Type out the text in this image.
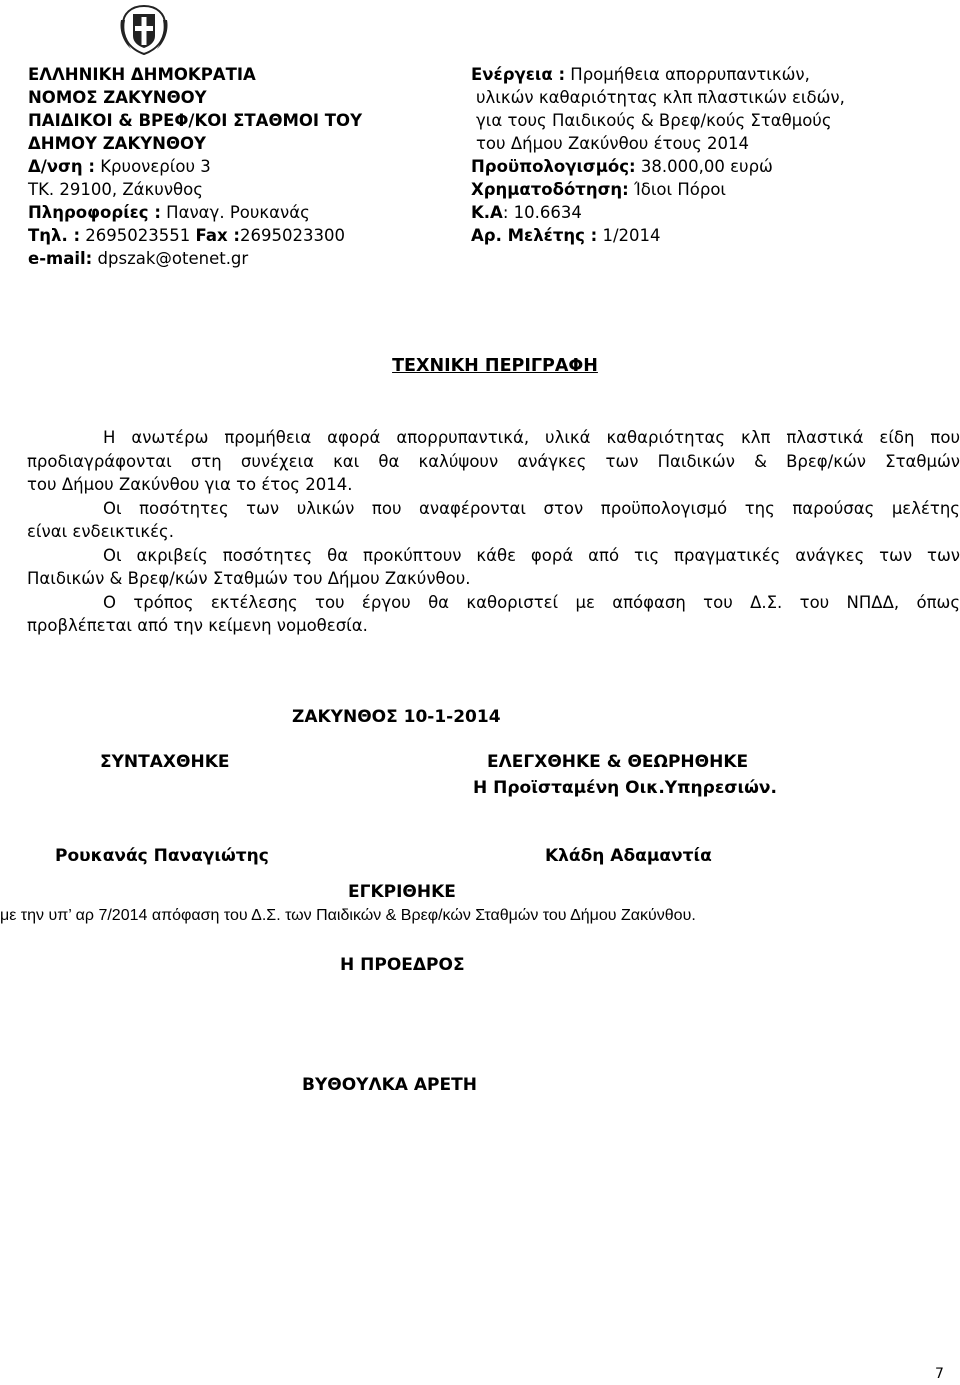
ΕΛΛΗΝΙΚΗ ΔΗΜΟΚΡΑΤΙΑ
ΝΟΜΟΣ ΖΑΚΥΝΘΟΥ
ΠΑΙΔΙΚΟΙ & ΒΡΕΦ/ΚΟΙ ΣΤΑΘΜΟΙ ΤΟΥ
ΔΗΜΟΥ ΖΑΚΥΝΘΟΥ
Δ/νση : Κρυονερίου 3
ΤΚ. 29100, Ζάκυνθος
Πληροφορίες : Παναγ. Ρουκανάς
Τηλ. : 2695023551 Fax :2695023300
e-mail: dpszak@otenet.gr
Ενέργεια : Προμήθεια απορρυπαντικών,
υλικών καθαριότητας κλπ πλαστικών ειδών,
για τους Παιδικούς & Βρεφ/κούς Σταθμούς
του Δήμου Ζακύνθου έτους 2014
Προϋπολογισμός: 38.000,00 ευρώ
Χρηματοδότηση: Ίδιοι Πόροι
Κ.Α: 10.6634
Αρ. Μελέτης : 1/2014
ΤΕΧΝΙΚΗ ΠΕΡΙΓΡΑΦΗ
Η ανωτέρω προμήθεια αφορά απορρυπαντικά, υλικά καθαριότητας κλπ πλαστικά είδη που
προδιαγράφονται στη συνέχεια και θα καλύψουν ανάγκες των Παιδικών & Βρεφ/κών Σταθμών
του Δήμου Ζακύνθου για το έτος 2014.
Οι ποσότητες των υλικών που αναφέρονται στον προϋπολογισμό της παρούσας μελέτης
είναι ενδεικτικές.
Οι ακριβείς ποσότητες θα προκύπτουν κάθε φορά από τις πραγματικές ανάγκες των των
Παιδικών & Βρεφ/κών Σταθμών του Δήμου Ζακύνθου.
Ο τρόπος εκτέλεσης του έργου θα καθοριστεί με απόφαση του Δ.Σ. του ΝΠΔΔ, όπως
προβλέπεται από την κείμενη νομοθεσία.
ΖΑΚΥΝΘΟΣ 10-1-2014
ΣΥΝΤΑΧΘΗΚΕ	ΕΛΕΓΧΘΗΚΕ & ΘΕΩΡΗΘΗΚΕ
Η Προϊσταμένη Οικ.Υπηρεσιών.
Ρουκανάς Παναγιώτης	Κλάδη Αδαμαντία
ΕΓΚΡΙΘΗΚΕ
με την υπ’ αρ 7/2014 απόφαση του Δ.Σ. των Παιδικών & Βρεφ/κών Σταθμών του Δήμου Ζακύνθου.
Η ΠΡΟΕΔΡΟΣ
ΒΥΘΟΥΛΚΑ ΑΡΕΤΗ
7
